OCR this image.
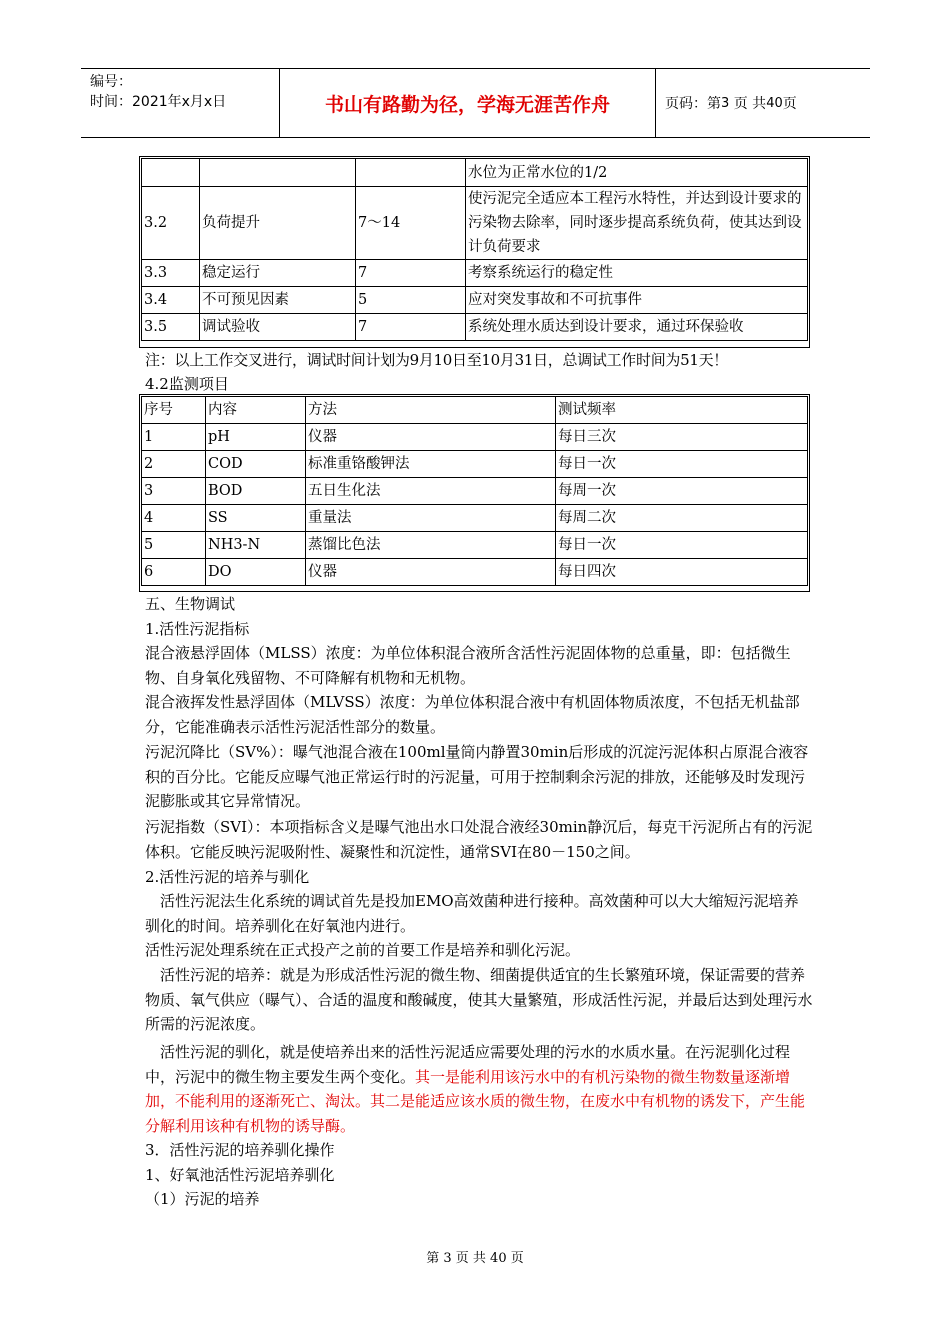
编号：
时间：2021年x月x日	书山有路勤为径，学海无涯苦作舟	页码：第 3
页 共 40 页
			水位为正常水位的1/2
3.2	负荷提升	7～14	使污泥完全适应本工程污水特性，并达到设计要求的污染物去除率，同时逐步提高系统负荷，使其达到设计负荷要求
3.3	稳定运行	7	考察系统运行的稳定性
3.4	不可预见因素	5	应对突发事故和不可抗事件
3.5	调试验收	7	系统处理水质达到设计要求，通过环保验收

注：以上工作交叉进行，调试时间计划为9月10日至10月31日，总调试工作时间为51天！

4.2监测项目

序号	内容	方法	测试频率
1	pH	仪器	每日三次
2	COD	标准重铬酸钾法	每日一次
3	BOD	五日生化法	每周一次
4	SS	重量法	每周二次
5	NH3-N	蒸馏比色法	每日一次
6	DO	仪器	每日四次

五、生物调试

1.活性污泥指标

混合液悬浮固体（MLSS）浓度：为单位体积混合液所含活性污泥固体物的总重量，即：包括微生物、自身氧化残留物、不可降解有机物和无机物。

混合液挥发性悬浮固体（MLVSS）浓度：为单位体积混合液中有机固体物质浓度，不包括无机盐部分，它能准确表示活性污泥活性部分的数量。

污泥沉降比（SV%）：曝气池混合液在100ml量筒内静置30min后形成的沉淀污泥体积占原混合液容积的百分比。它能反应曝气池正常运行时的污泥量，可用于控制剩余污泥的排放，还能够及时发现污泥膨胀或其它异常情况。

污泥指数（SVI）：本项指标含义是曝气池出水口处混合液经30min静沉后，每克干污泥所占有的污泥体积。它能反映污泥吸附性、凝聚性和沉淀性，通常SVI在80－150之间。

2.活性污泥的培养与驯化

　活性污泥法生化系统的调试首先是投加EMO高效菌种进行接种。高效菌种可以大大缩短污泥培养驯化的时间。培养驯化在好氧池内进行。

活性污泥处理系统在正式投产之前的首要工作是培养和驯化污泥。

　活性污泥的培养：就是为形成活性污泥的微生物、细菌提供适宜的生长繁殖环境，保证需要的营养物质、氧气供应（曝气）、合适的温度和酸碱度，使其大量繁殖，形成活性污泥，并最后达到处理污水所需的污泥浓度。

　活性污泥的驯化，就是使培养出来的活性污泥适应需要处理的污水的水质水量。在污泥驯化过程中，污泥中的微生物主要发生两个变化。其一是能利用该污水中的有机污染物的微生物数量逐渐增加，不能利用的逐渐死亡、淘汰。其二是能适应该水质的微生物，在废水中有机物的诱发下，产生能分解利用该种有机物的诱导酶。

3．活性污泥的培养驯化操作

1、好氧池活性污泥培养驯化

（1）污泥的培养

第 3 页 共 40 页
